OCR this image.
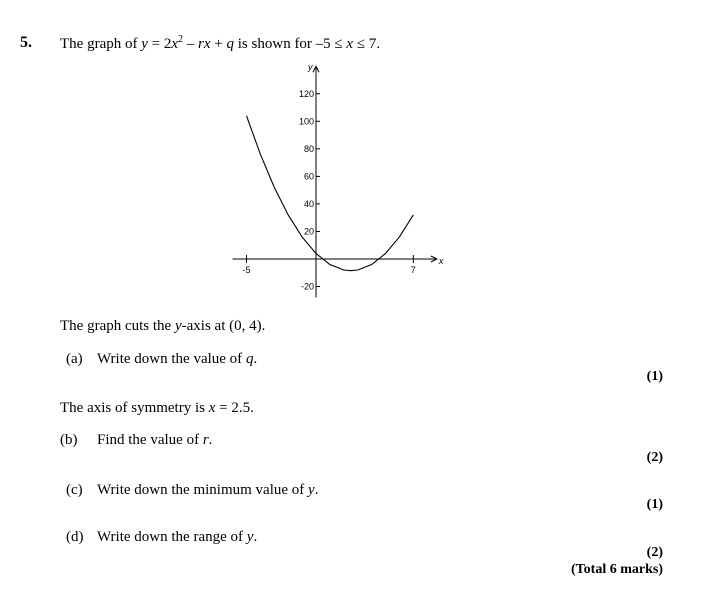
5. The graph of $y = 2x^2$ – rx + q is shown for –5 ≤ x ≤ 7.
120
100
80
60
40
20
-20
-5	7
x
y
The graph cuts the y-axis at (0, 4).
(a) Write down the value of q.
(1)
The axis of symmetry is x = 2.5.
(b) Find the value of r.
(2)
(c) Write down the minimum value of y.
(1)
(d) Write down the range of y.
(2)
(Total 6 marks)
